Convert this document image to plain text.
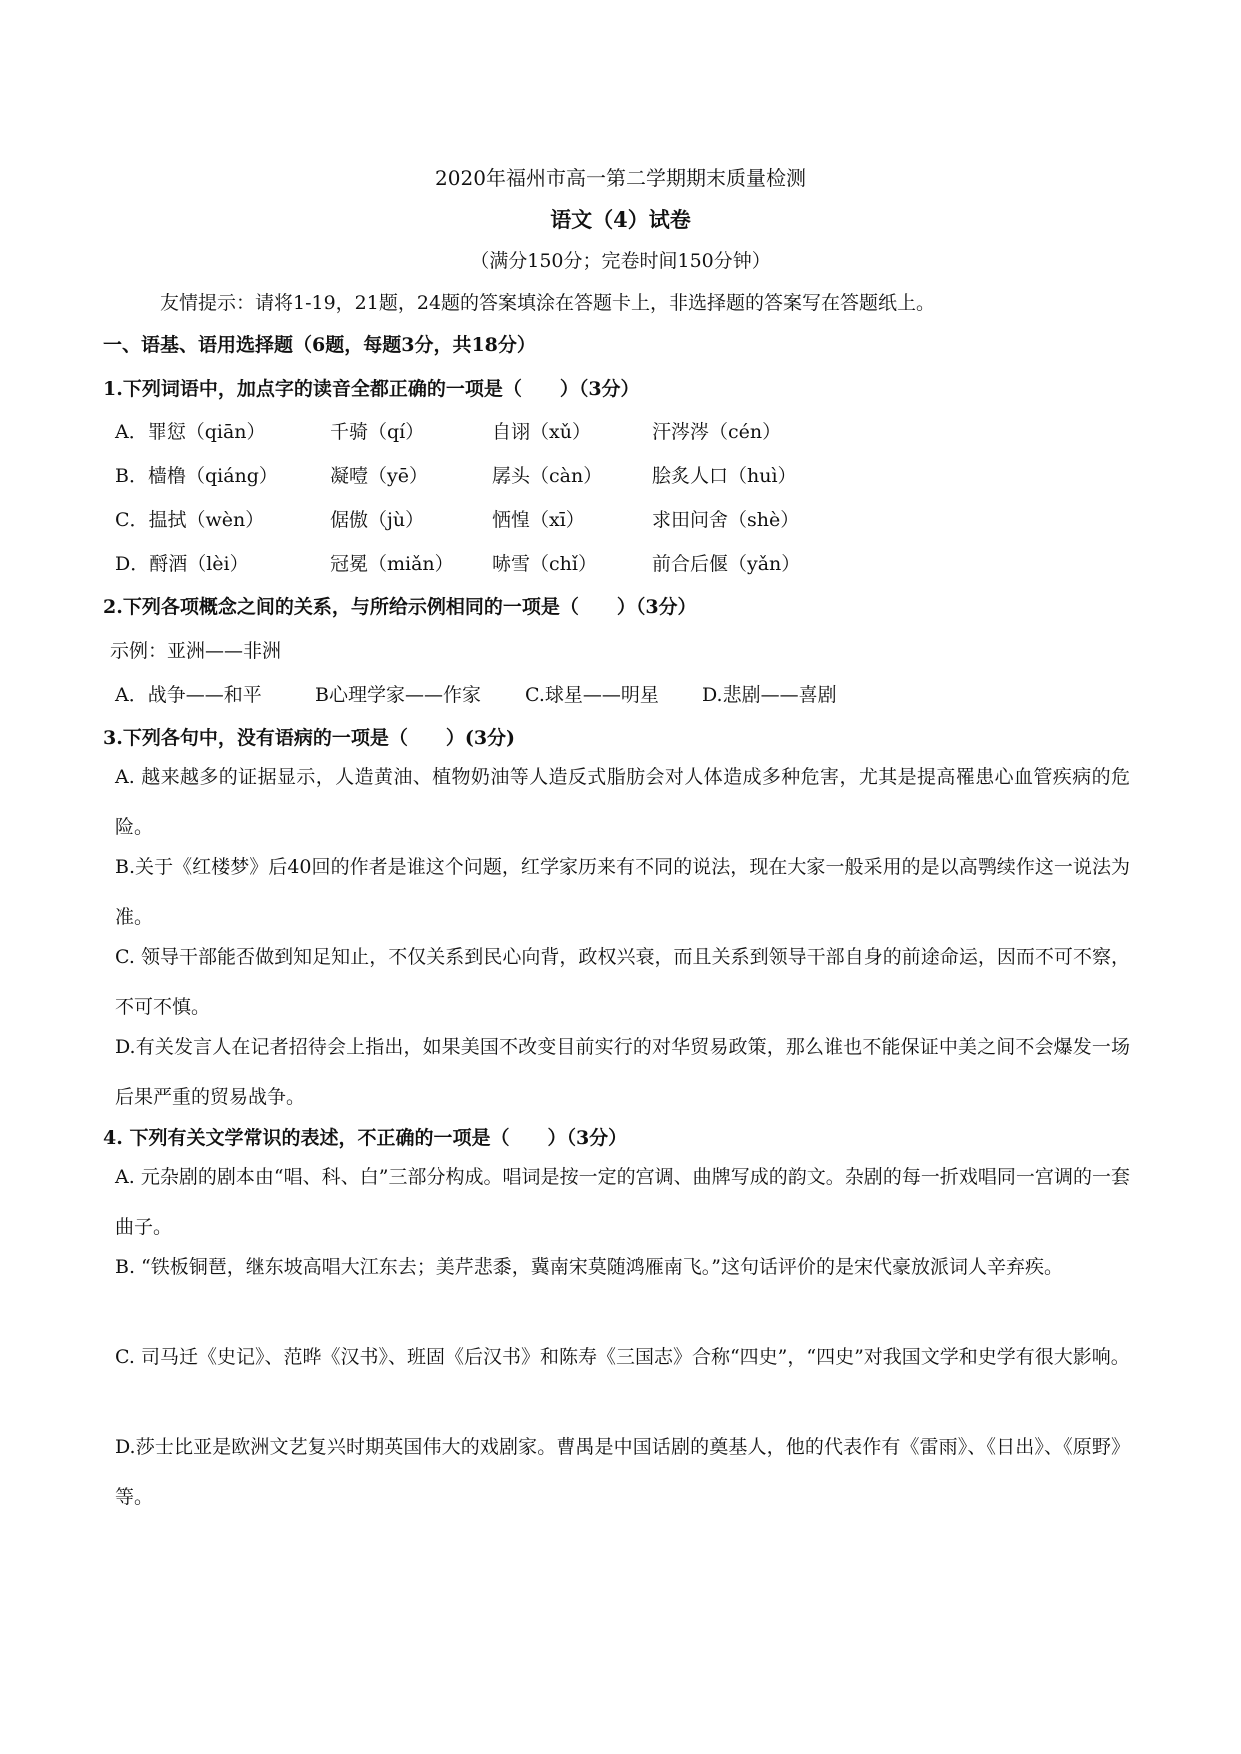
2020年福州市高一第二学期期末质量检测
语文（4）试卷
（满分150分；完卷时间150分钟）
友情提示：请将1-19，21题，24题的答案填涂在答题卡上，非选择题的答案写在答题纸上。
一、语基、语用选择题（6题，每题3分，共18分）
1.下列词语中，加点字的读音全都正确的一项是（　　）（3分）
A．罪愆（qiān）	千骑（qí）	自诩（xǔ）	汗涔涔（cén）
B．樯橹（qiáng）	凝噎（yē）	孱头（càn）	脍炙人口（huì）
C．揾拭（wèn）	倨傲（jù）	恓惶（xī）	求田问舍（shè）
D．酹酒（lèi）	冠冕（miǎn） 哧雪（chǐ）	前合后偃（yǎn）
2.下列各项概念之间的关系，与所给示例相同的一项是（　　）（3分）
示例：亚洲——非洲
A．战争——和平	B心理学家——作家 C.球星——明星 D.悲剧——喜剧
3.下列各句中，没有语病的一项是（　　）(3分)
A. 越来越多的证据显示，人造黄油、植物奶油等人造反式脂肪会对人体造成多种危害，尤其是提高罹患心血管疾病的危险。
B.关于《红楼梦》后40回的作者是谁这个问题，红学家历来有不同的说法，现在大家一般采用的是以高鹗续作这一说法为准。
C. 领导干部能否做到知足知止，不仅关系到民心向背，政权兴衰，而且关系到领导干部自身的前途命运，因而不可不察，不可不慎。
D.有关发言人在记者招待会上指出，如果美国不改变目前实行的对华贸易政策，那么谁也不能保证中美之间不会爆发一场后果严重的贸易战争。
4. 下列有关文学常识的表述，不正确的一项是（　　）（3分）
A. 元杂剧的剧本由“唱、科、白”三部分构成。唱词是按一定的宫调、曲牌写成的韵文。杂剧的每一折戏唱同一宫调的一套曲子。
B. “铁板铜琶，继东坡高唱大江东去；美芹悲黍，冀南宋莫随鸿雁南飞。”这句话评价的是宋代豪放派词人辛弃疾。
C. 司马迁《史记》、范晔《汉书》、班固《后汉书》和陈寿《三国志》合称“四史”，“四史”对我国文学和史学有很大影响。
D.莎士比亚是欧洲文艺复兴时期英国伟大的戏剧家。曹禺是中国话剧的奠基人，他的代表作有《雷雨》、《日出》、《原野》等。
